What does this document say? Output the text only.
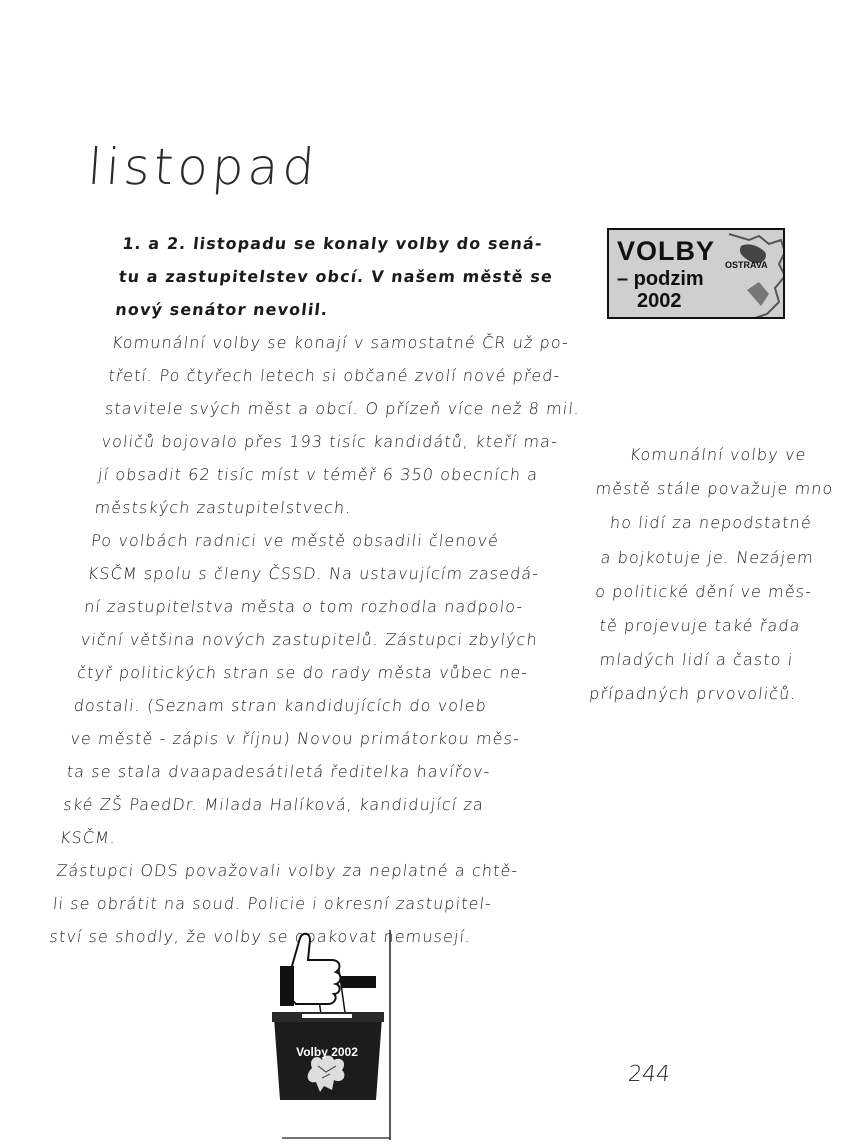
listopad
1. a 2. listopadu se konaly volby do sená-
tu a zastupitelstev obcí. V našem městě se
nový senátor nevolil.
Komunální volby se konají v samostatné ČR už po-
třetí. Po čtyřech letech si občané zvolí nové před-
stavitele svých měst a obcí. O přízeň více než 8 mil.
voličů bojovalo přes 193 tisíc kandidátů, kteří ma-
jí obsadit 62 tisíc míst v téměř 6 350 obecních a
městských zastupitelstvech.
Po volbách radnici ve městě obsadili členové
KSČM spolu s členy ČSSD. Na ustavujícím zasedá-
ní zastupitelstva města o tom rozhodla nadpolo-
viční většina nových zastupitelů. Zástupci zbylých
čtyř politických stran se do rady města vůbec ne-
dostali. (Seznam stran kandidujících do voleb
ve městě - zápis v říjnu) Novou primátorkou měs-
ta se stala dvaapadesátiletá ředitelka havířov-
ské ZŠ PaedDr. Milada Halíková, kandidující za
KSČM.
Zástupci ODS považovali volby za neplatné a chtě-
li se obrátit na soud. Policie i okresní zastupitel-
ství se shodly, že volby se opakovat nemusejí.
VOLBY OSTRAVA
– podzim
2002
Komunální volby ve
městě stále považuje mno
ho lidí za nepodstatné
a bojkotuje je. Nezájem
o politické dění ve měs-
tě projevuje také řada
mladých lidí a často i
případných prvovoličů.
Volby 2002
244
